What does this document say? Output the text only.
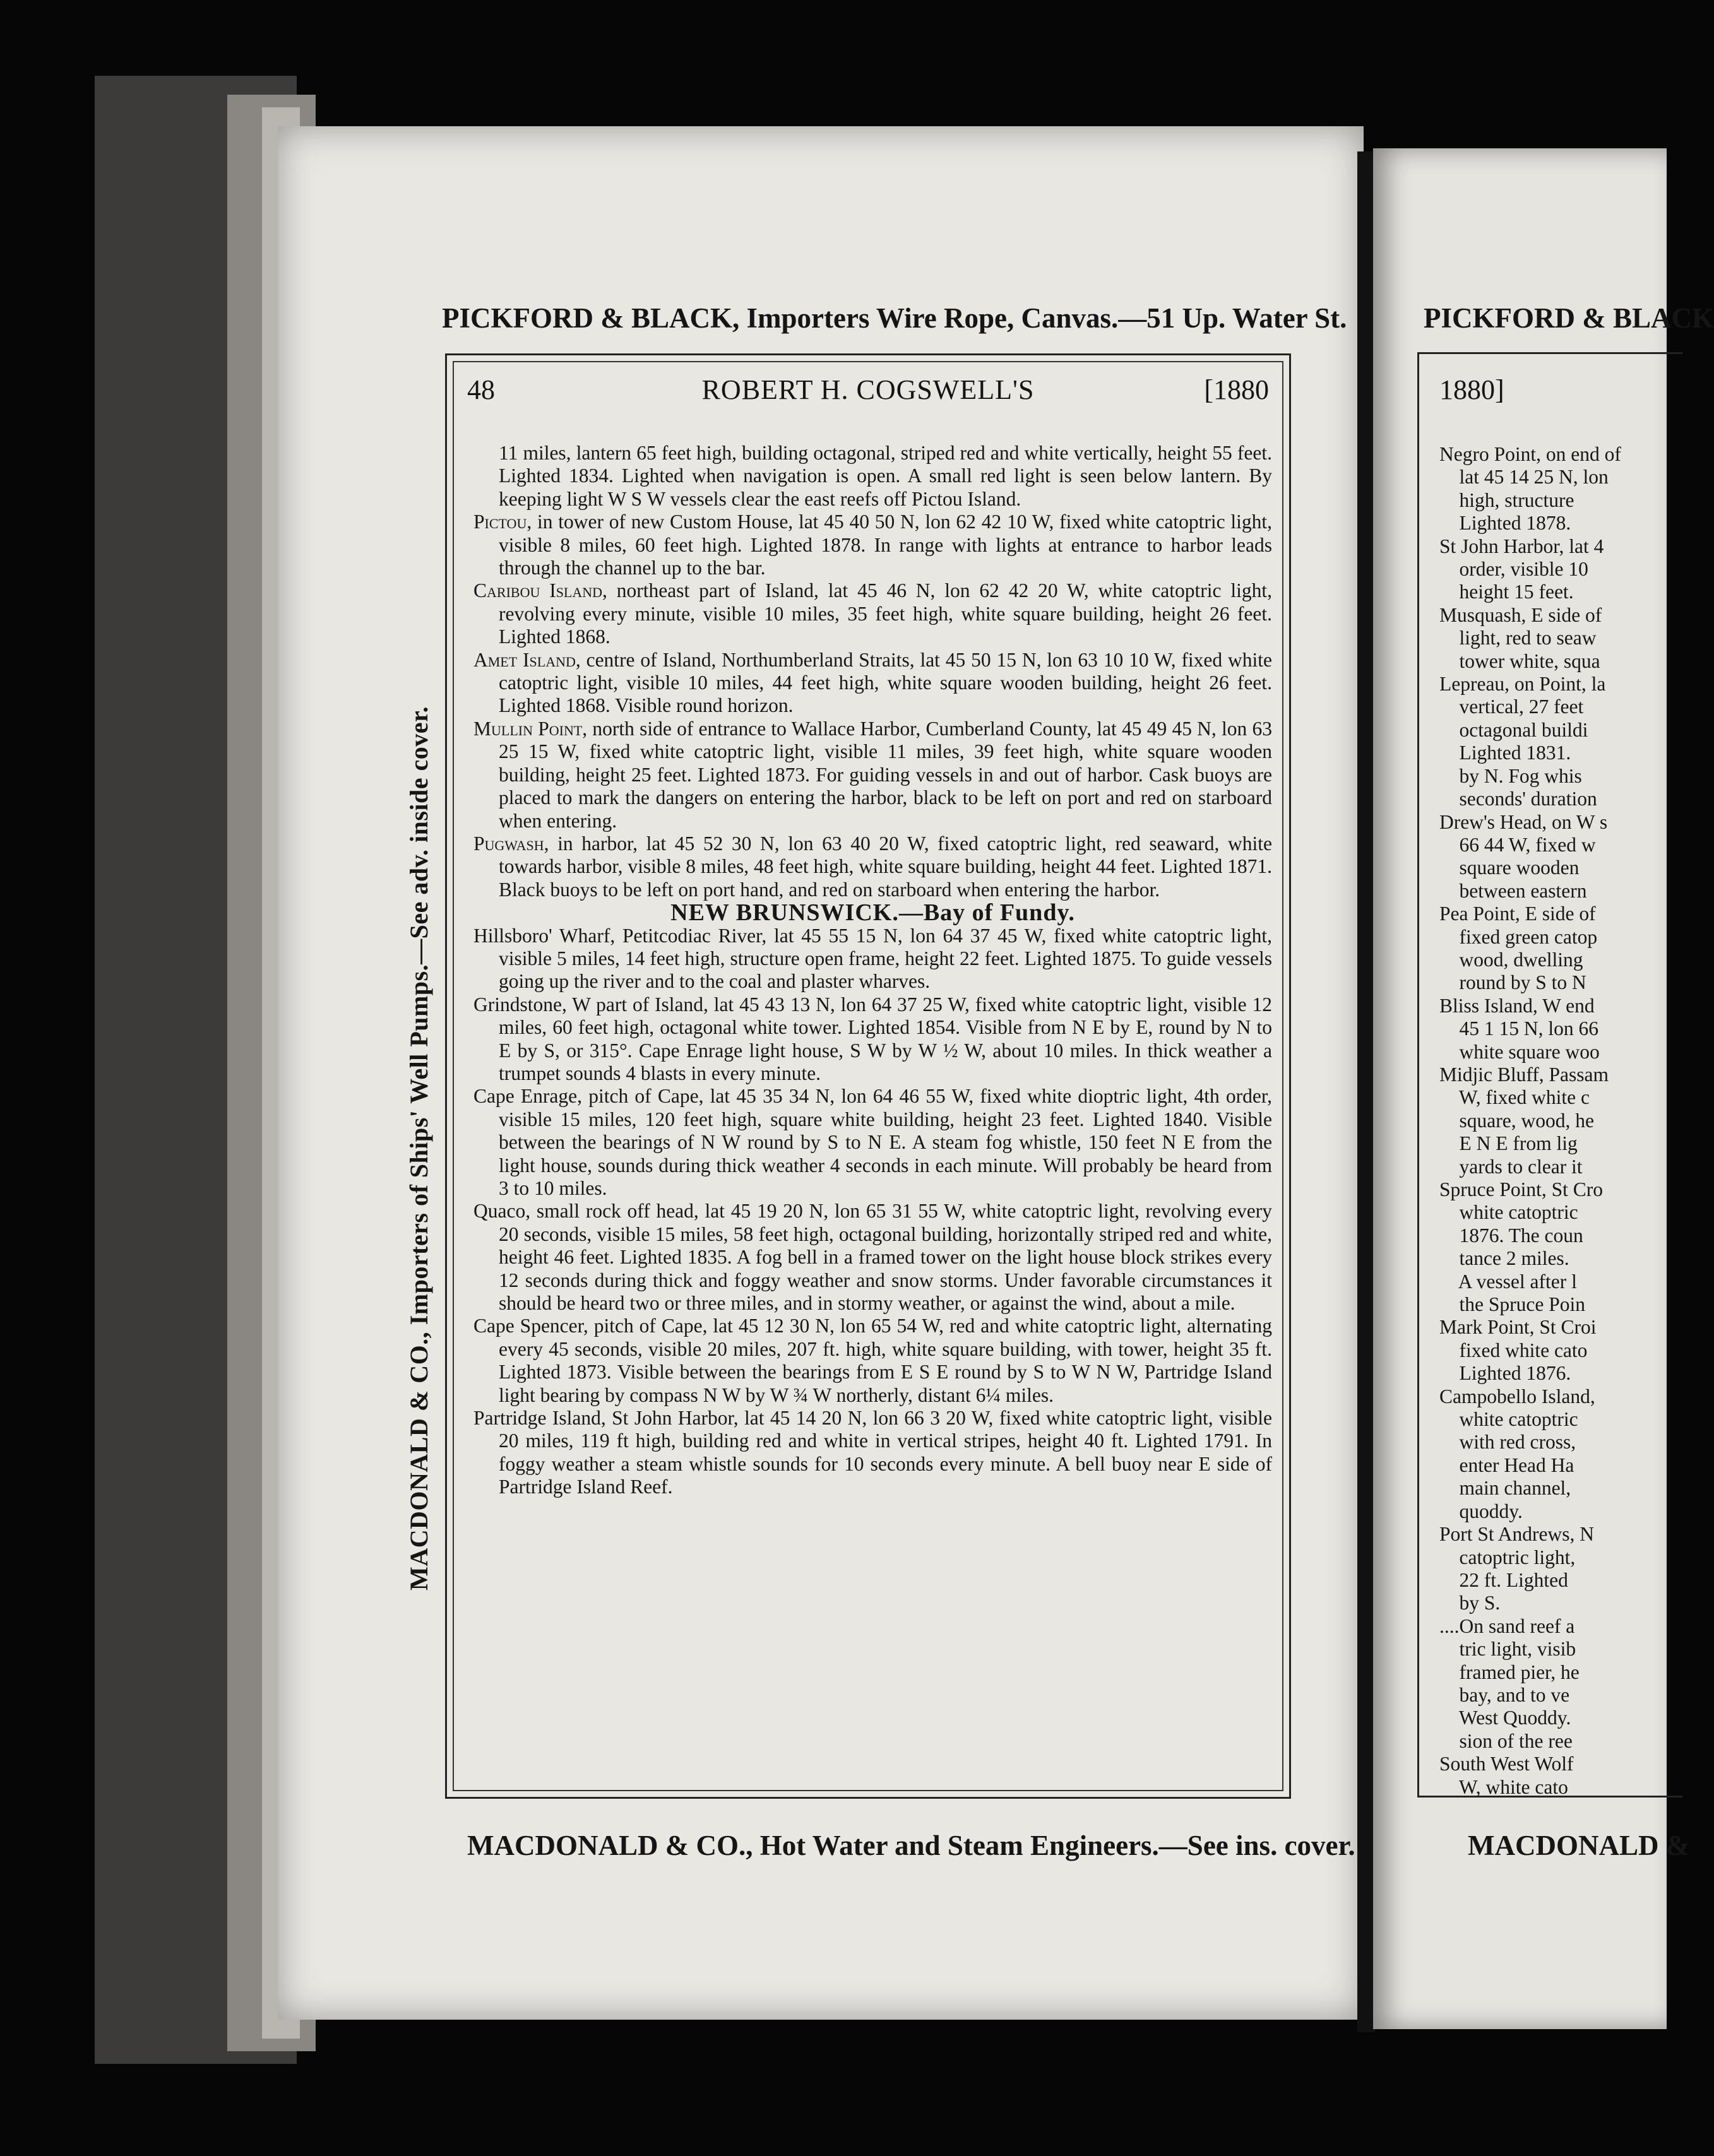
PICKFORD & BLACK, Importers Wire Rope, Canvas.—51 Up. Water St.
MACDONALD & CO., Importers of Ships' Well Pumps.—See adv. inside cover.
48	ROBERT H. COGSWELL'S	[1880

11 miles, lantern 65 feet high, building octagonal, striped red and white vertically, height 55 feet. Lighted 1834. Lighted when navigation is open. A small red light is seen below lantern. By keeping light W S W vessels clear the east reefs off Pictou Island.

Pictou, in tower of new Custom House, lat 45 40 50 N, lon 62 42 10 W, fixed white catoptric light, visible 8 miles, 60 feet high. Lighted 1878. In range with lights at entrance to harbor leads through the channel up to the bar.

Caribou Island, northeast part of Island, lat 45 46 N, lon 62 42 20 W, white catoptric light, revolving every minute, visible 10 miles, 35 feet high, white square building, height 26 feet. Lighted 1868.

Amet Island, centre of Island, Northumberland Straits, lat 45 50 15 N, lon 63 10 10 W, fixed white catoptric light, visible 10 miles, 44 feet high, white square wooden building, height 26 feet. Lighted 1868. Visible round horizon.

Mullin Point, north side of entrance to Wallace Harbor, Cumberland County, lat 45 49 45 N, lon 63 25 15 W, fixed white catoptric light, visible 11 miles, 39 feet high, white square wooden building, height 25 feet. Lighted 1873. For guiding vessels in and out of harbor. Cask buoys are placed to mark the dangers on entering the harbor, black to be left on port and red on starboard when entering.

Pugwash, in harbor, lat 45 52 30 N, lon 63 40 20 W, fixed catoptric light, red seaward, white towards harbor, visible 8 miles, 48 feet high, white square building, height 44 feet. Lighted 1871. Black buoys to be left on port hand, and red on starboard when entering the harbor.

NEW BRUNSWICK.—Bay of Fundy.

Hillsboro' Wharf, Petitcodiac River, lat 45 55 15 N, lon 64 37 45 W, fixed white catoptric light, visible 5 miles, 14 feet high, structure open frame, height 22 feet. Lighted 1875. To guide vessels going up the river and to the coal and plaster wharves.

Grindstone, W part of Island, lat 45 43 13 N, lon 64 37 25 W, fixed white catoptric light, visible 12 miles, 60 feet high, octagonal white tower. Lighted 1854. Visible from N E by E, round by N to E by S, or 315°. Cape Enrage light house, S W by W ½ W, about 10 miles. In thick weather a trumpet sounds 4 blasts in every minute.

Cape Enrage, pitch of Cape, lat 45 35 34 N, lon 64 46 55 W, fixed white dioptric light, 4th order, visible 15 miles, 120 feet high, square white building, height 23 feet. Lighted 1840. Visible between the bearings of N W round by S to N E. A steam fog whistle, 150 feet N E from the light house, sounds during thick weather 4 seconds in each minute. Will probably be heard from 3 to 10 miles.

Quaco, small rock off head, lat 45 19 20 N, lon 65 31 55 W, white catoptric light, revolving every 20 seconds, visible 15 miles, 58 feet high, octagonal building, horizontally striped red and white, height 46 feet. Lighted 1835. A fog bell in a framed tower on the light house block strikes every 12 seconds during thick and foggy weather and snow storms. Under favorable circumstances it should be heard two or three miles, and in stormy weather, or against the wind, about a mile.

Cape Spencer, pitch of Cape, lat 45 12 30 N, lon 65 54 W, red and white catoptric light, alternating every 45 seconds, visible 20 miles, 207 ft. high, white square building, with tower, height 35 ft. Lighted 1873. Visible between the bearings from E S E round by S to W N W, Partridge Island light bearing by compass N W by W ¾ W northerly, distant 6¼ miles.

Partridge Island, St John Harbor, lat 45 14 20 N, lon 66 3 20 W, fixed white catoptric light, visible 20 miles, 119 ft high, building red and white in vertical stripes, height 40 ft. Lighted 1791. In foggy weather a steam whistle sounds for 10 seconds every minute. A bell buoy near E side of Partridge Island Reef.

MACDONALD & CO., Hot Water and Steam Engineers.—See ins. cover.
PICKFORD & BLACK
1880]

Negro Point, on end of

lat 45 14 25 N, lon

high, structure

Lighted 1878.

St John Harbor, lat 4

order, visible 10

height 15 feet.

Musquash, E side of

light, red to seaw

tower white, squa

Lepreau, on Point, la

vertical, 27 feet

octagonal buildi

Lighted 1831.

by N. Fog whis

seconds' duration

Drew's Head, on W s

66 44 W, fixed w

square wooden

between eastern

Pea Point, E side of

fixed green catop

wood, dwelling

round by S to N

Bliss Island, W end

45 1 15 N, lon 66

white square woo

Midjic Bluff, Passam

W, fixed white c

square, wood, he

E N E from lig

yards to clear it

Spruce Point, St Cro

white catoptric

1876. The coun

tance 2 miles.

A vessel after l

the Spruce Poin

Mark Point, St Croi

fixed white cato

Lighted 1876.

Campobello Island,

white catoptric

with red cross,

enter Head Ha

main channel,

quoddy.

Port St Andrews, N

catoptric light,

22 ft. Lighted

by S.

....On sand reef a

tric light, visib

framed pier, he

bay, and to ve

West Quoddy.

sion of the ree

South West Wolf

W, white cato

MACDONALD &
